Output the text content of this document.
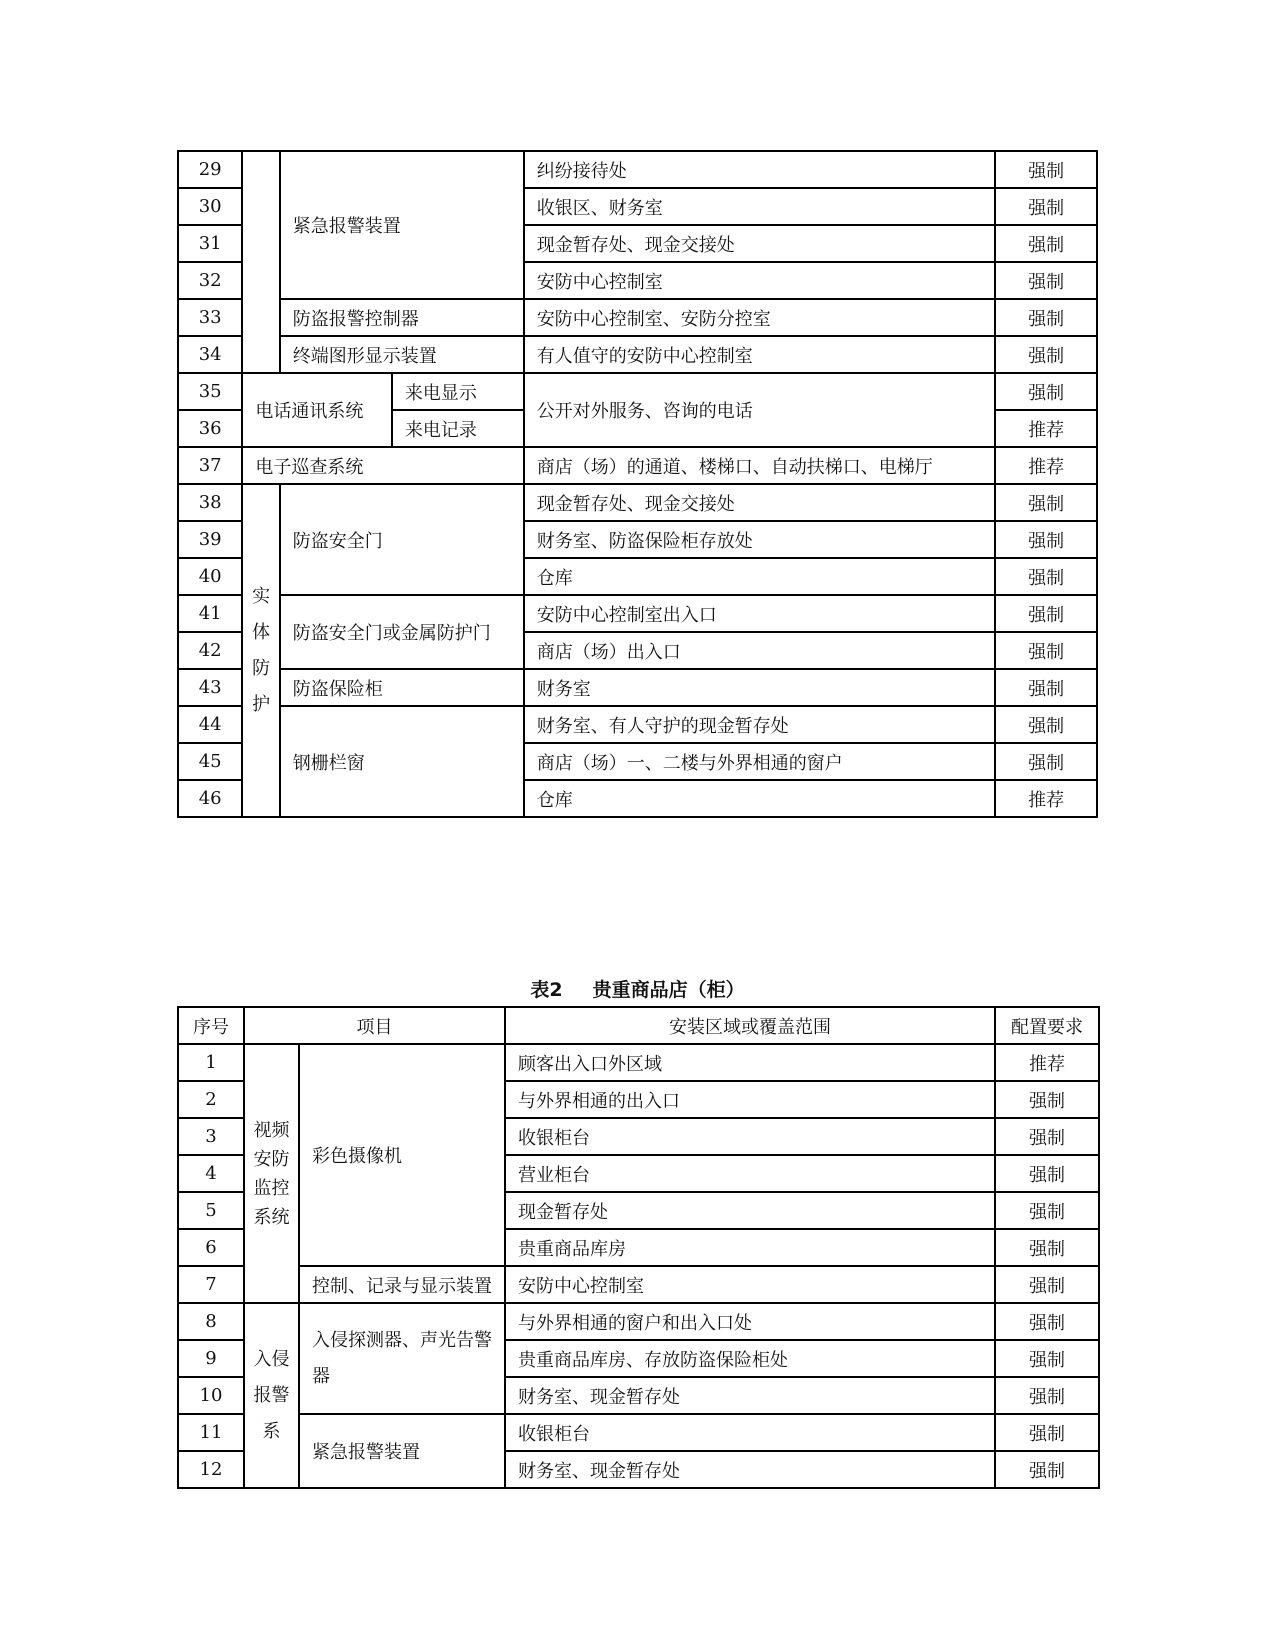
29		紧急报警装置		纠纷接待处	强制
30				收银区、财务室	强制
31				现金暂存处、现金交接处	强制
32				安防中心控制室	强制
33		防盗报警控制器		安防中心控制室、安防分控室	强制
34		终端图形显示装置		有人值守的安防中心控制室	强制
35	电话通讯系统		来电显示	公开对外服务、咨询的电话	强制
36			来电记录		推荐
37	电子巡查系统			商店（场）的通道、楼梯口、自动扶梯口、电梯厅	推荐
38	实体防护	防盗安全门		现金暂存处、现金交接处	强制
39				财务室、防盗保险柜存放处	强制
40				仓库	强制
41		防盗安全门或金属防护门		安防中心控制室出入口	强制
42				商店（场）出入口	强制
43		防盗保险柜		财务室	强制
44		钢栅栏窗		财务室、有人守护的现金暂存处	强制
45				商店（场）一、二楼与外界相通的窗户	强制
46				仓库	推荐
表2 贵重商品店（柜）
序号	项目		安装区域或覆盖范围	配置要求
1	视频安防监控系统	彩色摄像机	顾客出入口外区域	推荐
2			与外界相通的出入口	强制
3			收银柜台	强制
4			营业柜台	强制
5			现金暂存处	强制
6			贵重商品库房	强制
7		控制、记录与显示装置	安防中心控制室	强制
8	入侵报警系	入侵探测器、声光告警器	与外界相通的窗户和出入口处	强制
9			贵重商品库房、存放防盗保险柜处	强制
10			财务室、现金暂存处	强制
11		紧急报警装置	收银柜台	强制
12			财务室、现金暂存处	强制
